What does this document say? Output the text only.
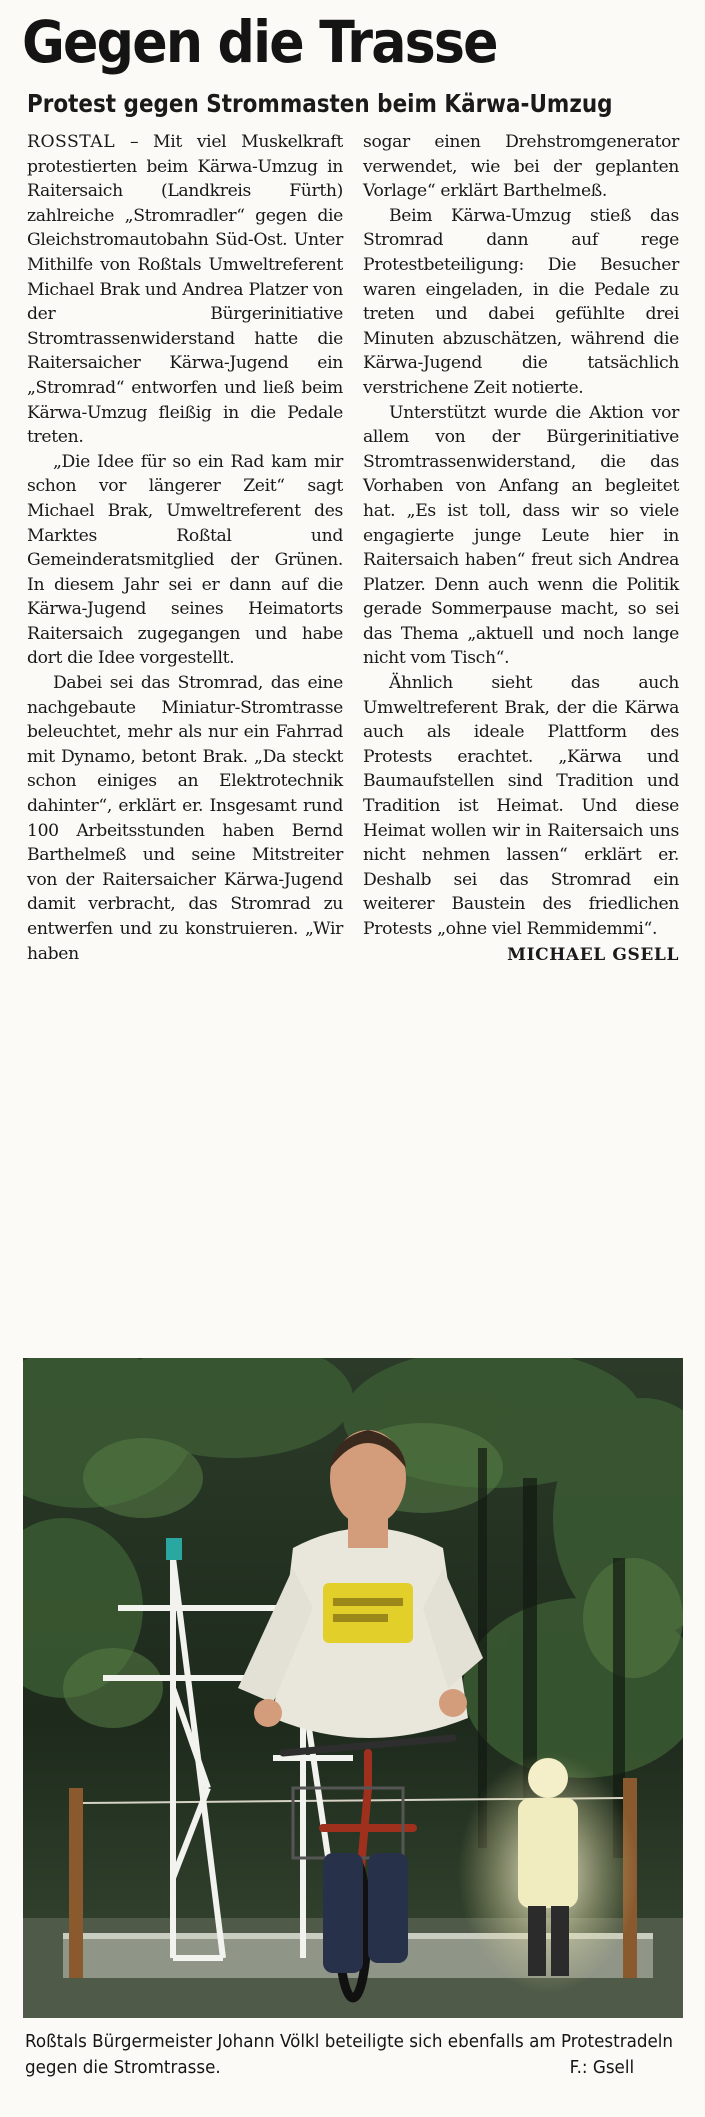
Gegen die Trasse
Protest gegen Strommasten beim Kärwa-Umzug

ROSSTAL – Mit viel Muskelkraft protestierten beim Kärwa-Umzug in Raitersaich (Landkreis Fürth) zahlreiche „Stromradler“ gegen die Gleichstromautobahn Süd-Ost. Unter Mithilfe von Roßtals Umweltreferent Michael Brak und Andrea Platzer von der Bürgerinitiative Stromtrassenwiderstand hatte die Raitersaicher Kärwa-Jugend ein „Stromrad“ entworfen und ließ beim Kärwa-Umzug fleißig in die Pedale treten.

„Die Idee für so ein Rad kam mir schon vor längerer Zeit“ sagt Michael Brak, Umweltreferent des Marktes Roßtal und Gemeinderatsmitglied der Grünen. In diesem Jahr sei er dann auf die Kärwa-Jugend seines Heimatorts Raitersaich zugegangen und habe dort die Idee vorgestellt.

Dabei sei das Stromrad, das eine nachgebaute Miniatur-Stromtrasse beleuchtet, mehr als nur ein Fahrrad mit Dynamo, betont Brak. „Da steckt schon einiges an Elektrotechnik dahinter“, erklärt er. Insgesamt rund 100 Arbeitsstunden haben Bernd Barthelmeß und seine Mitstreiter von der Raitersaicher Kärwa-Jugend damit verbracht, das Stromrad zu entwerfen und zu konstruieren. „Wir haben

sogar einen Drehstromgenerator verwendet, wie bei der geplanten Vorlage“ erklärt Barthelmeß.

Beim Kärwa-Umzug stieß das Stromrad dann auf rege Protestbeteiligung: Die Besucher waren eingeladen, in die Pedale zu treten und dabei gefühlte drei Minuten abzuschätzen, während die Kärwa-Jugend die tatsächlich verstrichene Zeit notierte.

Unterstützt wurde die Aktion vor allem von der Bürgerinitiative Stromtrassenwiderstand, die das Vorhaben von Anfang an begleitet hat. „Es ist toll, dass wir so viele engagierte junge Leute hier in Raitersaich haben“ freut sich Andrea Platzer. Denn auch wenn die Politik gerade Sommerpause macht, so sei das Thema „aktuell und noch lange nicht vom Tisch“.

Ähnlich sieht das auch Umweltreferent Brak, der die Kärwa auch als ideale Plattform des Protests erachtet. „Kärwa und Baumaufstellen sind Tradition und Tradition ist Heimat. Und diese Heimat wollen wir in Raitersaich uns nicht nehmen lassen“ erklärt er. Deshalb sei das Stromrad ein weiterer Baustein des friedlichen Protests „ohne viel Remmidemmi“.

MICHAEL GSELL

Roßtals Bürgermeister Johann Völkl beteiligte sich ebenfalls am Protestradeln gegen die Stromtrasse.	F.: Gsell
